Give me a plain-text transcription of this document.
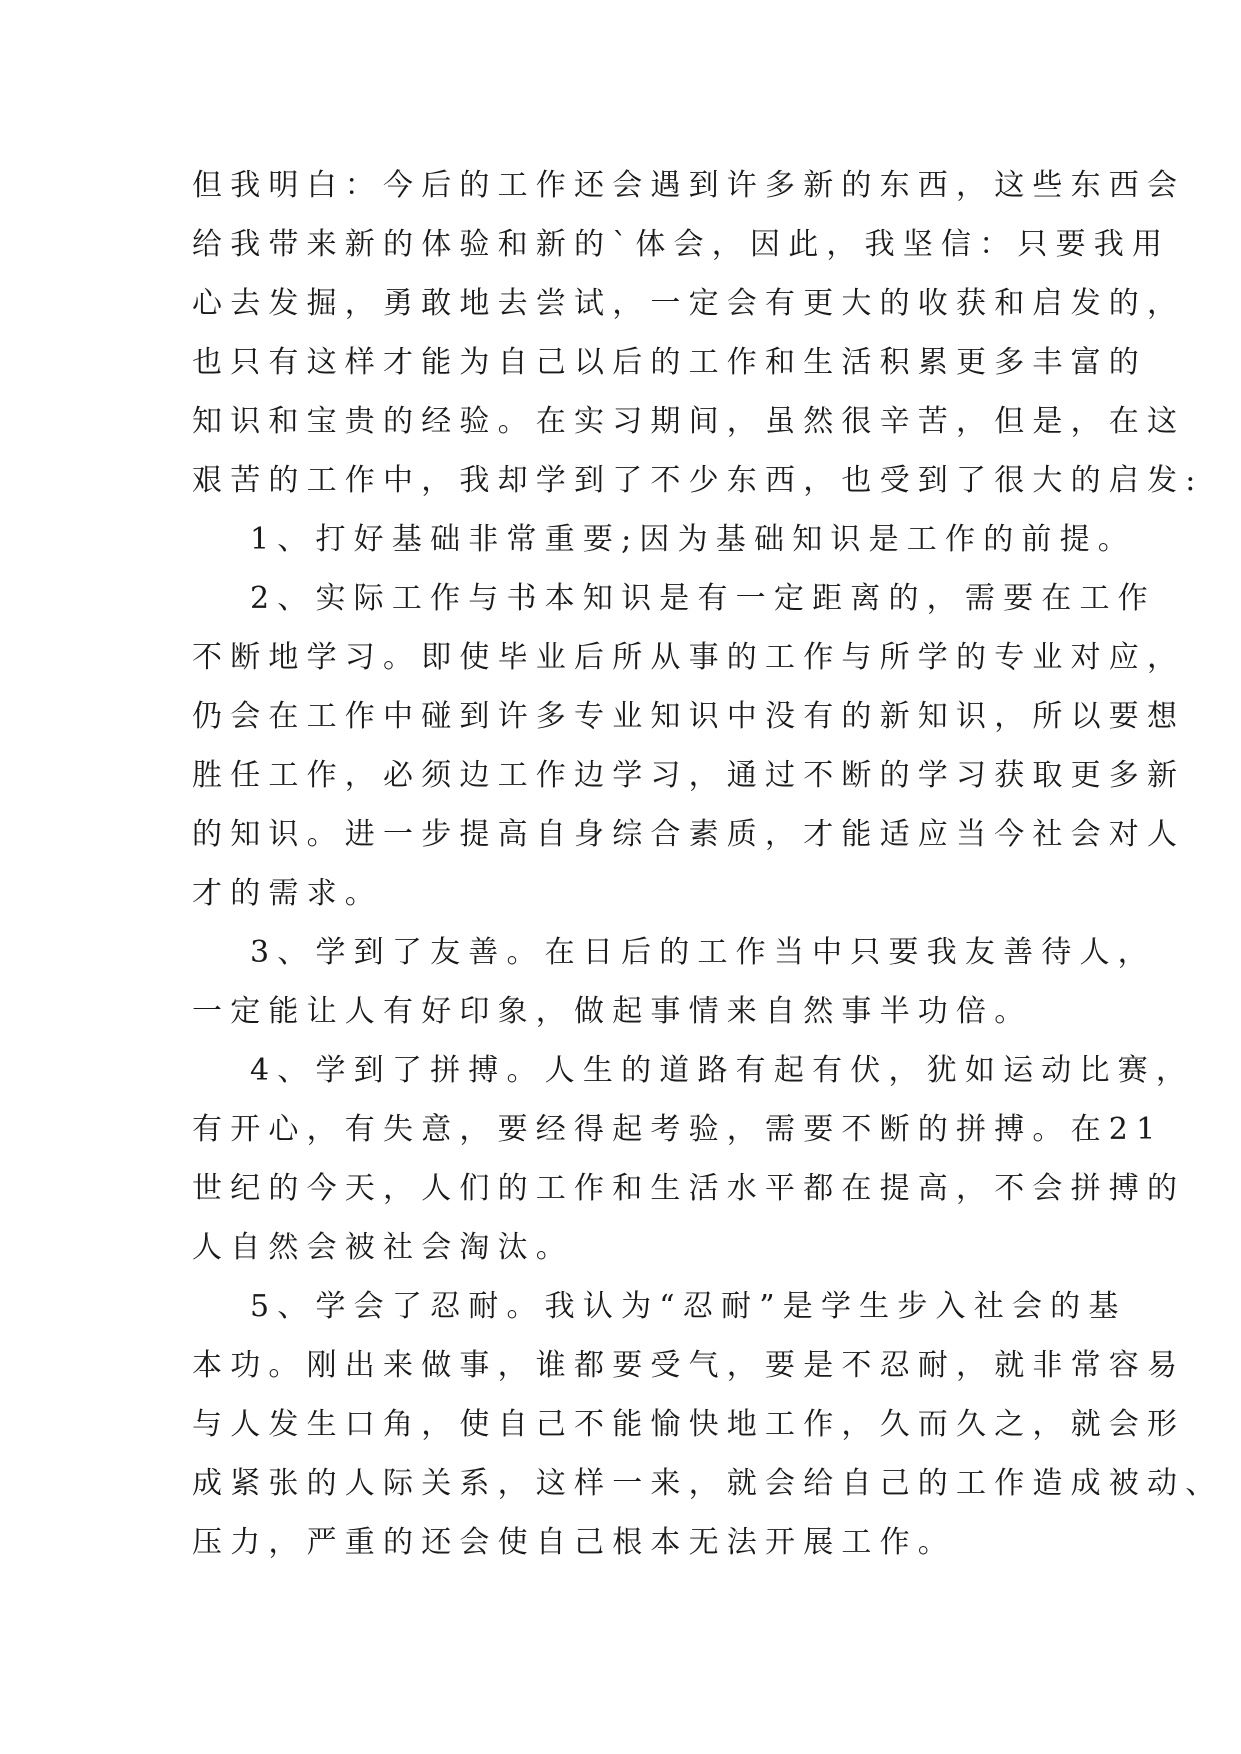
但我明白：今后的工作还会遇到许多新的东西，这些东西会
给我带来新的体验和新的`体会，因此，我坚信：只要我用
心去发掘，勇敢地去尝试，一定会有更大的收获和启发的，
也只有这样才能为自己以后的工作和生活积累更多丰富的
知识和宝贵的经验。在实习期间，虽然很辛苦，但是，在这
艰苦的工作中，我却学到了不少东西，也受到了很大的启发:
1、打好基础非常重要;因为基础知识是工作的前提。
2、实际工作与书本知识是有一定距离的，需要在工作
不断地学习。即使毕业后所从事的工作与所学的专业对应，
仍会在工作中碰到许多专业知识中没有的新知识，所以要想
胜任工作，必须边工作边学习，通过不断的学习获取更多新
的知识。进一步提高自身综合素质，才能适应当今社会对人
才的需求。
3、学到了友善。在日后的工作当中只要我友善待人，
一定能让人有好印象，做起事情来自然事半功倍。
4、学到了拼搏。人生的道路有起有伏，犹如运动比赛，
有开心，有失意，要经得起考验，需要不断的拼搏。在21
世纪的今天，人们的工作和生活水平都在提高，不会拼搏的
人自然会被社会淘汰。
5、学会了忍耐。我认为“忍耐”是学生步入社会的基
本功。刚出来做事，谁都要受气，要是不忍耐，就非常容易
与人发生口角，使自己不能愉快地工作，久而久之，就会形
成紧张的人际关系，这样一来，就会给自己的工作造成被动、
压力，严重的还会使自己根本无法开展工作。
